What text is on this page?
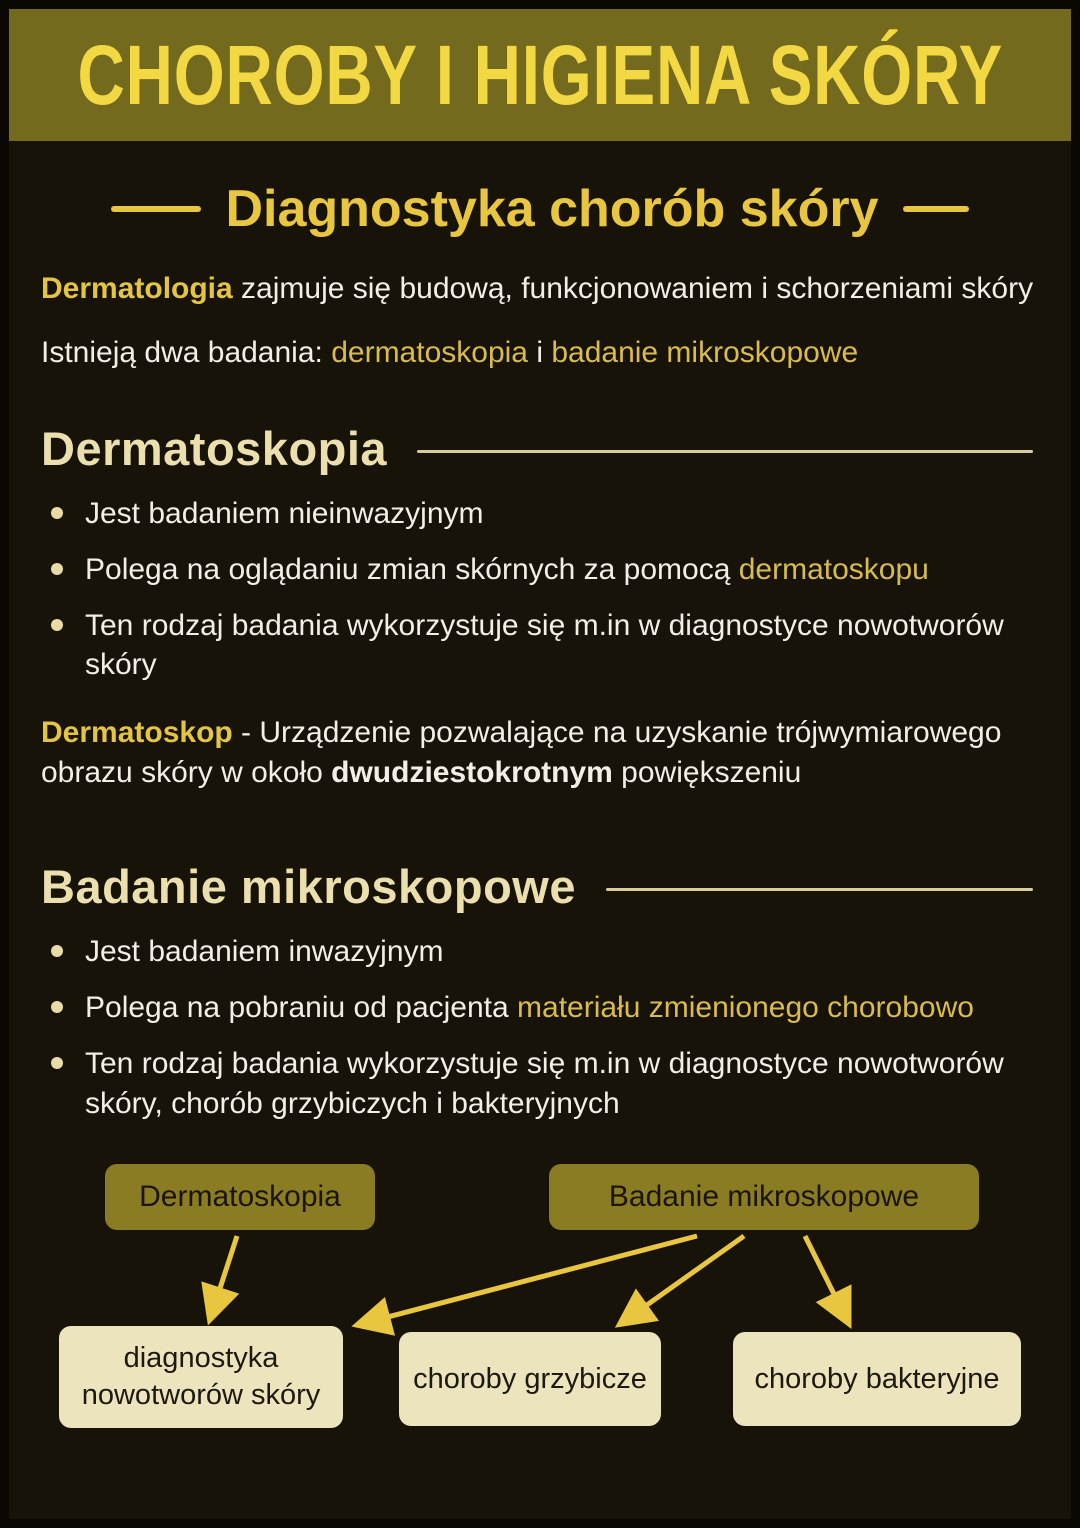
CHOROBY I HIGIENA SKÓRY
Diagnostyka chorób skóry

Dermatologia zajmuje się budową, funkcjonowaniem i schorzeniami skóry

Istnieją dwa badania: dermatoskopia i badanie mikroskopowe

Dermatoskopia
Jest badaniem nieinwazyjnym
Polega na oglądaniu zmian skórnych za pomocą dermatoskopu
Ten rodzaj badania wykorzystuje się m.in w diagnostyce nowotworów skóry

Dermatoskop - Urządzenie pozwalające na uzyskanie trójwymiarowego obrazu skóry w około dwudziestokrotnym powiększeniu

Badanie mikroskopowe
Jest badaniem inwazyjnym
Polega na pobraniu od pacjenta materiału zmienionego chorobowo
Ten rodzaj badania wykorzystuje się m.in w diagnostyce nowotworów skóry, chorób grzybiczych i bakteryjnych
Dermatoskopia	Badanie mikroskopowe
diagnostyka nowotworów skóry
choroby grzybicze	choroby bakteryjne
